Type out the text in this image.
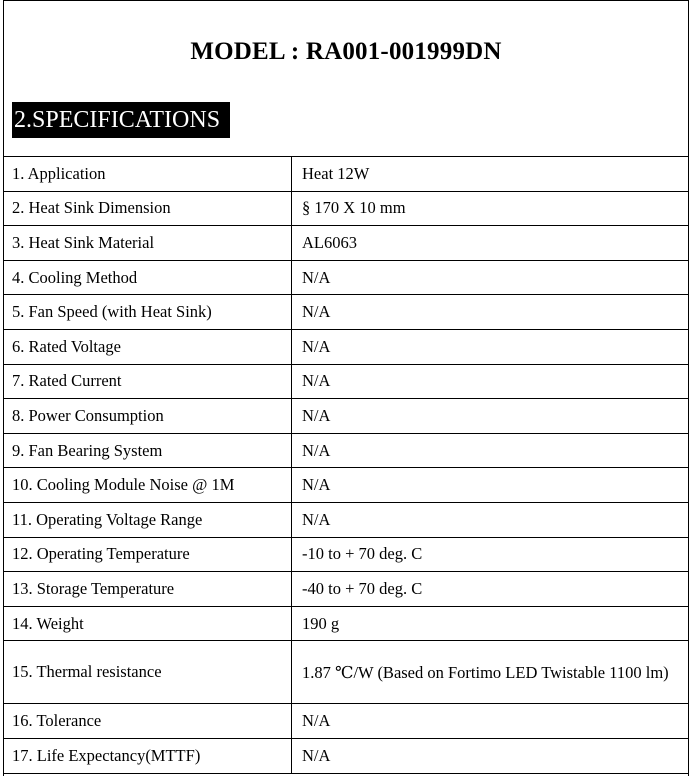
MODEL : RA001-001999DN
2.SPECIFICATIONS
1. Application	Heat 12W
2. Heat Sink Dimension	§ 170 X 10 mm
3. Heat Sink Material	AL6063
4. Cooling Method	N/A
5. Fan Speed (with Heat Sink)	N/A
6. Rated Voltage	N/A
7. Rated Current	N/A
8. Power Consumption	N/A
9. Fan Bearing System	N/A
10. Cooling Module Noise @ 1M	N/A
11. Operating Voltage Range	N/A
12. Operating Temperature	-10 to + 70 deg. C
13. Storage Temperature	-40 to + 70 deg. C
14. Weight	190 g
15. Thermal resistance	1.87 ℃/W (Based on Fortimo LED Twistable 1100 lm)

16. Tolerance	N/A
17. Life Expectancy(MTTF)	N/A
